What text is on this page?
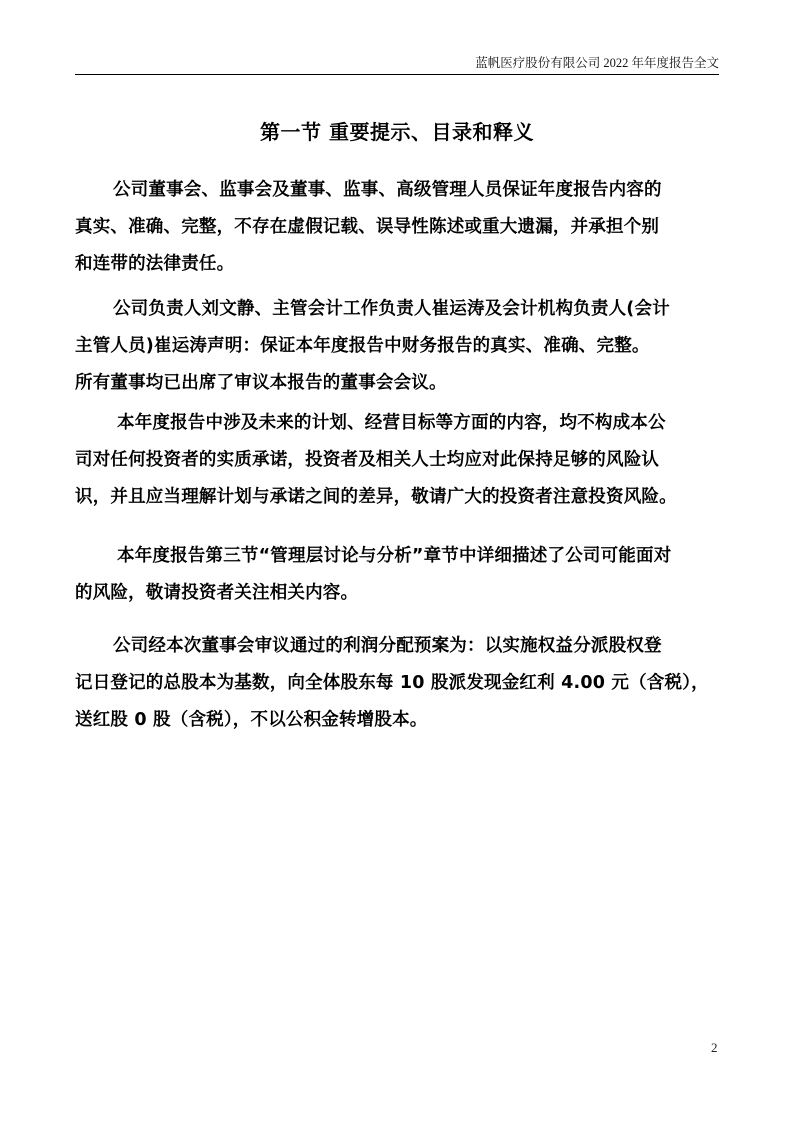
蓝帆医疗股份有限公司 2022 年年度报告全文
第一节 重要提示、目录和释义
公司董事会、监事会及董事、监事、高级管理人员保证年度报告内容的
真实、准确、完整，不存在虚假记载、误导性陈述或重大遗漏，并承担个别
和连带的法律责任。
公司负责人刘文静、主管会计工作负责人崔运涛及会计机构负责人(会计
主管人员)崔运涛声明：保证本年度报告中财务报告的真实、准确、完整。
所有董事均已出席了审议本报告的董事会会议。
本年度报告中涉及未来的计划、经营目标等方面的内容，均不构成本公
司对任何投资者的实质承诺，投资者及相关人士均应对此保持足够的风险认
识，并且应当理解计划与承诺之间的差异，敬请广大的投资者注意投资风险。
本年度报告第三节“管理层讨论与分析”章节中详细描述了公司可能面对
的风险，敬请投资者关注相关内容。
公司经本次董事会审议通过的利润分配预案为：以实施权益分派股权登
记日登记的总股本为基数，向全体股东每 10 股派发现金红利 4.00 元（含税），
送红股 0 股（含税），不以公积金转增股本。
2
